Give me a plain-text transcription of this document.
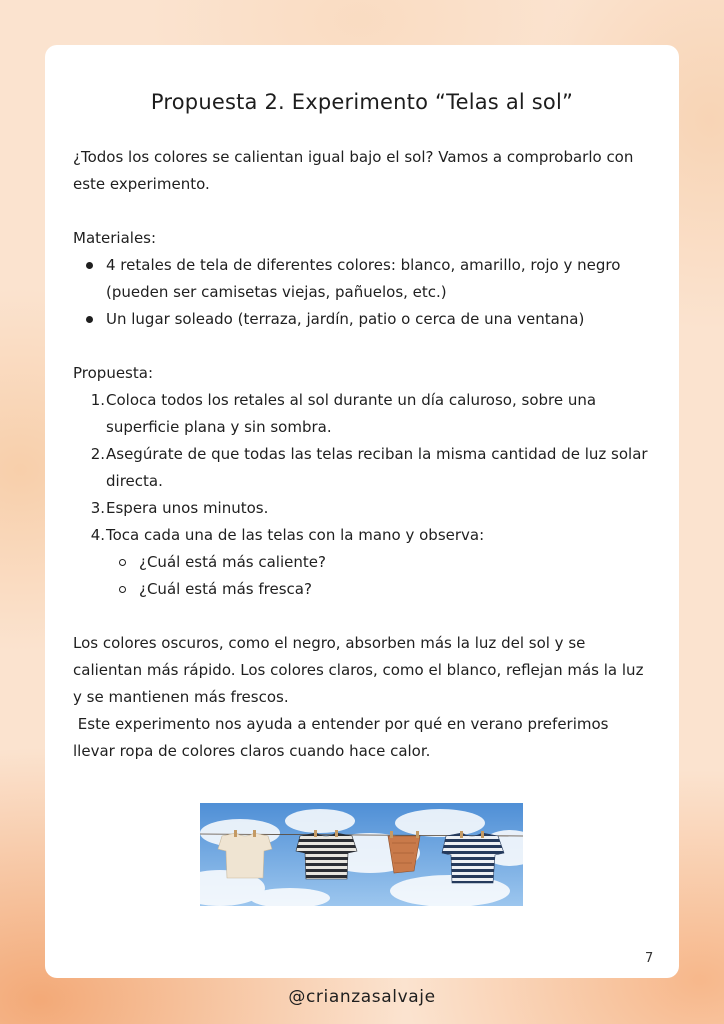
Propuesta 2. Experimento “Telas al sol”

¿Todos los colores se calientan igual bajo el sol? Vamos a comprobarlo con este experimento.

Materiales:

4 retales de tela de diferentes colores: blanco, amarillo, rojo y negro (pueden ser camisetas viejas, pañuelos, etc.)
Un lugar soleado (terraza, jardín, patio o cerca de una ventana)

Propuesta:

1. Coloca todos los retales al sol durante un día caluroso, sobre una superficie plana y sin sombra.
2. Asegúrate de que todas las telas reciban la misma cantidad de luz solar directa.
3. Espera unos minutos.
4. Toca cada una de las telas con la mano y observa:
¿Cuál está más caliente?
¿Cuál está más fresca?

Los colores oscuros, como el negro, absorben más la luz del sol y se calientan más rápido. Los colores claros, como el blanco, reflejan más la luz y se mantienen más frescos.

Este experimento nos ayuda a entender por qué en verano preferimos llevar ropa de colores claros cuando hace calor.

7
@crianzasalvaje
